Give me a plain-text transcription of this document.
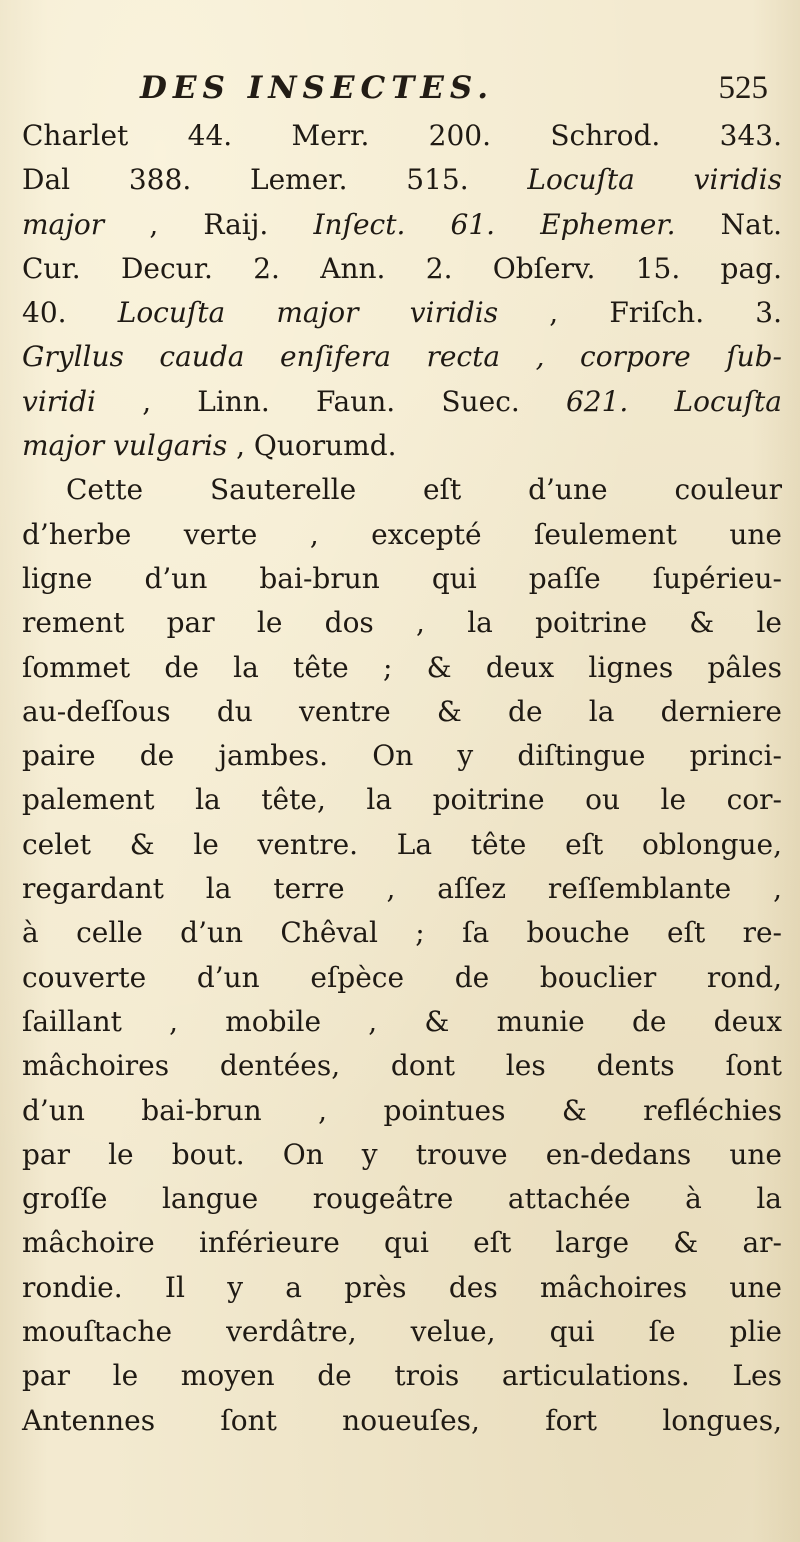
DES INSECTES.	525
Charlet 44. Merr. 200. Schrod. 343.
Dal 388. Lemer. 515. Locuſta viridis
major , Raij. Inſect. 61. Ephemer. Nat.
Cur. Decur. 2. Ann. 2. Obſerv. 15. pag.
40. Locuſta major viridis , Friſch. 3.
Gryllus cauda enſifera recta , corpore ſub-
viridi , Linn. Faun. Suec. 621. Locuſta
major vulgaris , Quorumd.
Cette Sauterelle eſt d’une couleur
d’herbe verte , excepté ſeulement une
ligne d’un bai-brun qui paſſe ſupérieu-
rement par le dos , la poitrine & le
ſommet de la tête ; & deux lignes pâles
au-deſſous du ventre & de la derniere
paire de jambes. On y diſtingue princi-
palement la tête, la poitrine ou le cor-
celet & le ventre. La tête eſt oblongue,
regardant la terre , aſſez reſſemblante ,
à celle d’un Chêval ; ſa bouche eſt re-
couverte d’un eſpèce de bouclier rond,
ſaillant , mobile , & munie de deux
mâchoires dentées, dont les dents ſont
d’un bai-brun , pointues & refléchies
par le bout. On y trouve en-dedans une
groſſe langue rougeâtre attachée à la
mâchoire inférieure qui eſt large & ar-
rondie. Il y a près des mâchoires une
mouſtache verdâtre, velue, qui ſe plie
par le moyen de trois articulations. Les
Antennes ſont noueuſes, fort longues,
